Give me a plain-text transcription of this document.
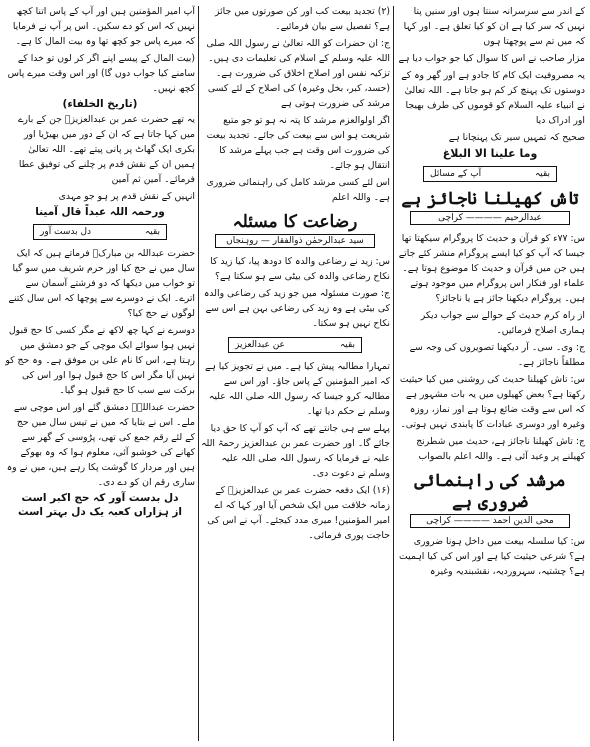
کے اندر سے سرسرانہ سنتا ہوں اور سنیں پتا نہیں کہ سر کیا ہے ان کو کیا تعلق ہے۔ اور کہا کہ میں تم سے پوچھتا ہوں

مزار صاحب نے اس کا سوال کیا جو جواب دیا ہے

یہ مصروفیت ایک کام کا جادو ہے اور گھر وہ کے دوستوں تک پہنچ کر کم ہو جاتا ہے۔ اللہ تعالیٰ نے انبیاء علیہ السلام کو قوموں کی طرف بھیجا اور ادراک دیا

صحیح کہ تمہیں سیر تک پہنچانا ہے

وما علینا الا البلاغ
بقیہ
آپ کے مسائل
تاش کھیلنا ناجائز ہے
عبدالرحیم ———— کراچی

س: ۷۷ء کو قرآن و حدیث کا پروگرام سیکھتا تھا جیسا کہ آپ کو کیا ایسے پروگرام منشر کئے جاتے ہیں جن میں قرآن و حدیث کا موضوع ہوتا ہے۔ علماء اور فنکار اس پروگرام میں موجود ہوتے ہیں۔ پروگرام دیکھنا جائز ہے یا ناجائز؟

از راہ کرم حدیث کے حوالے سے جواب دیکر ہماری اصلاح فرمائیں۔

ج: وی۔ سی۔ آر دیکھنا تصویروں کی وجہ سے مطلقاً ناجائز ہے۔

س: تاش کھیلنا حدیث کی روشنی میں کیا حیثیت رکھتا ہے؟ بعض کھیلوں میں یہ بات مشہور ہے کہ اس سے وقت ضائع ہوتا ہے اور نماز، روزہ وغیرہ اور دوسری عبادات کا پابندی نہیں ہوتی۔

ج: تاش کھیلنا ناجائز ہے، حدیث میں شطرنج کھیلنے پر وعید آئی ہے۔ واللہ اعلم بالصواب

مرشد کی راہنمائی ضروری ہے
محی الدین احمد ———— کراچی

س: کیا سلسلہ بیعت میں داخل ہونا ضروری ہے؟ شرعی حیثیت کیا ہے اور اس کی کیا اہمیت ہے؟ چشتیہ، سہروردیہ، نقشبندیہ وغیرہ

(۲) تجدید بیعت کب اور کن صورتوں میں جائز ہے؟ تفصیل سے بیان فرمائیے۔

ج: ان حضرات کو اللہ تعالیٰ نے رسول اللہ صلی اللہ علیہ وسلم کے اسلام کی تعلیمات دی ہیں۔ تزکیہ نفس اور اصلاح اخلاق کی ضرورت ہے۔ (حسد، کبر، بخل وغیرہ) کی اصلاح کے لئے کسی مرشد کی ضرورت ہوتی ہے

اگر اولوالعزم مرشد کا پتہ نہ ہو تو جو متبع شریعت ہو اس سے بیعت کی جائے۔ تجدید بیعت کی ضرورت اس وقت ہے جب پہلے مرشد کا انتقال ہو جائے۔

اس لئے کسی مرشد کامل کی راہنمائی ضروری ہے۔ واللہ اعلم

رضاعت کا مسئلہ
سید عبدالرحمٰن ذوالفقار — روہنجاں

س: زید نے رضاعی والدہ کا دودھ پیا، کیا زید کا نکاح رضاعی والدہ کی بیٹی سے ہو سکتا ہے؟

ج: صورت مسئولہ میں جو زید کی رضاعی والدہ کی بیٹی ہے وہ زید کی رضاعی بہن ہے اس سے نکاح نہیں ہو سکتا۔

بقیہ
عن عبدالعزیز

تمہارا مطالبہ پیش کیا ہے۔ میں نے تجویز کیا ہے کہ امیر المؤمنین کے پاس جاؤ۔ اور اس سے مطالبہ کرو جیسا کہ رسول اللہ صلی اللہ علیہ وسلم نے حکم دیا تھا۔

پہلے سے ہی جانتے تھے کہ آپ کو آپ کا حق دیا جائے گا۔ اور حضرت عمر بن عبدالعزیز رحمۃ اللہ علیہ نے فرمایا کہ رسول اللہ صلی اللہ علیہ وسلم نے دعوت دی۔

(۱۶) ایک دفعہ حضرت عمر بن عبدالعزیزؒ کے زمانہ خلافت میں ایک شخص آیا اور کہا کہ اے امیر المؤمنین! میری مدد کیجئے۔ آپ نے اس کی حاجت پوری فرمائی۔

آپ امیر المؤمنین ہیں اور آپ کے پاس اتنا کچھ نہیں کہ اس کو دے سکیں۔ اس پر آپ نے فرمایا کہ میرے پاس جو کچھ تھا وہ بیت المال کا ہے۔

(بیت المال کے پیسے اپنے اگر کر لوں تو خدا کے سامنے کیا جواب دوں گا) اور اس وقت میرے پاس کچھ نہیں۔

(تاریخ الخلفاء)

یہ تھے حضرت عمر بن عبدالعزیزؒ جن کے بارے میں کہا جاتا ہے کہ ان کے دور میں بھیڑیا اور بکری ایک گھاٹ پر پانی پیتے تھے۔ اللہ تعالیٰ ہمیں ان کے نقش قدم پر چلنے کی توفیق عطا فرمائے۔ آمین ثم آمین

انہیں کے نقش قدم پر ہو جو مہدی

ورحمہ اللہ عبداً قال آمینا
بقیہ
دل بدست آور

حضرت عبداللہ بن مبارکؒ فرماتے ہیں کہ ایک سال میں نے حج کیا اور حرم شریف میں سو گیا تو خواب میں دیکھا کہ دو فرشتے آسمان سے اترے۔ ایک نے دوسرے سے پوچھا کہ اس سال کتنے لوگوں نے حج کیا؟

دوسرے نے کہا چھ لاکھ نے مگر کسی کا حج قبول نہیں ہوا سوائے ایک موچی کے جو دمشق میں رہتا ہے، اس کا نام علی بن موفق ہے۔ وہ حج کو نہیں آیا مگر اس کا حج قبول ہوا اور اس کی برکت سے سب کا حج قبول ہو گیا۔

حضرت عبداللہؒ دمشق گئے اور اس موچی سے ملے۔ اس نے بتایا کہ میں نے تیس سال میں حج کے لئے رقم جمع کی تھی، پڑوسی کے گھر سے کھانے کی خوشبو آئی، معلوم ہوا کہ وہ بھوکے ہیں اور مردار کا گوشت پکا رہے ہیں، میں نے وہ ساری رقم ان کو دے دی۔

دل بدست آور کہ حج اکبر است
از ہزاراں کعبہ یک دل بہتر است
